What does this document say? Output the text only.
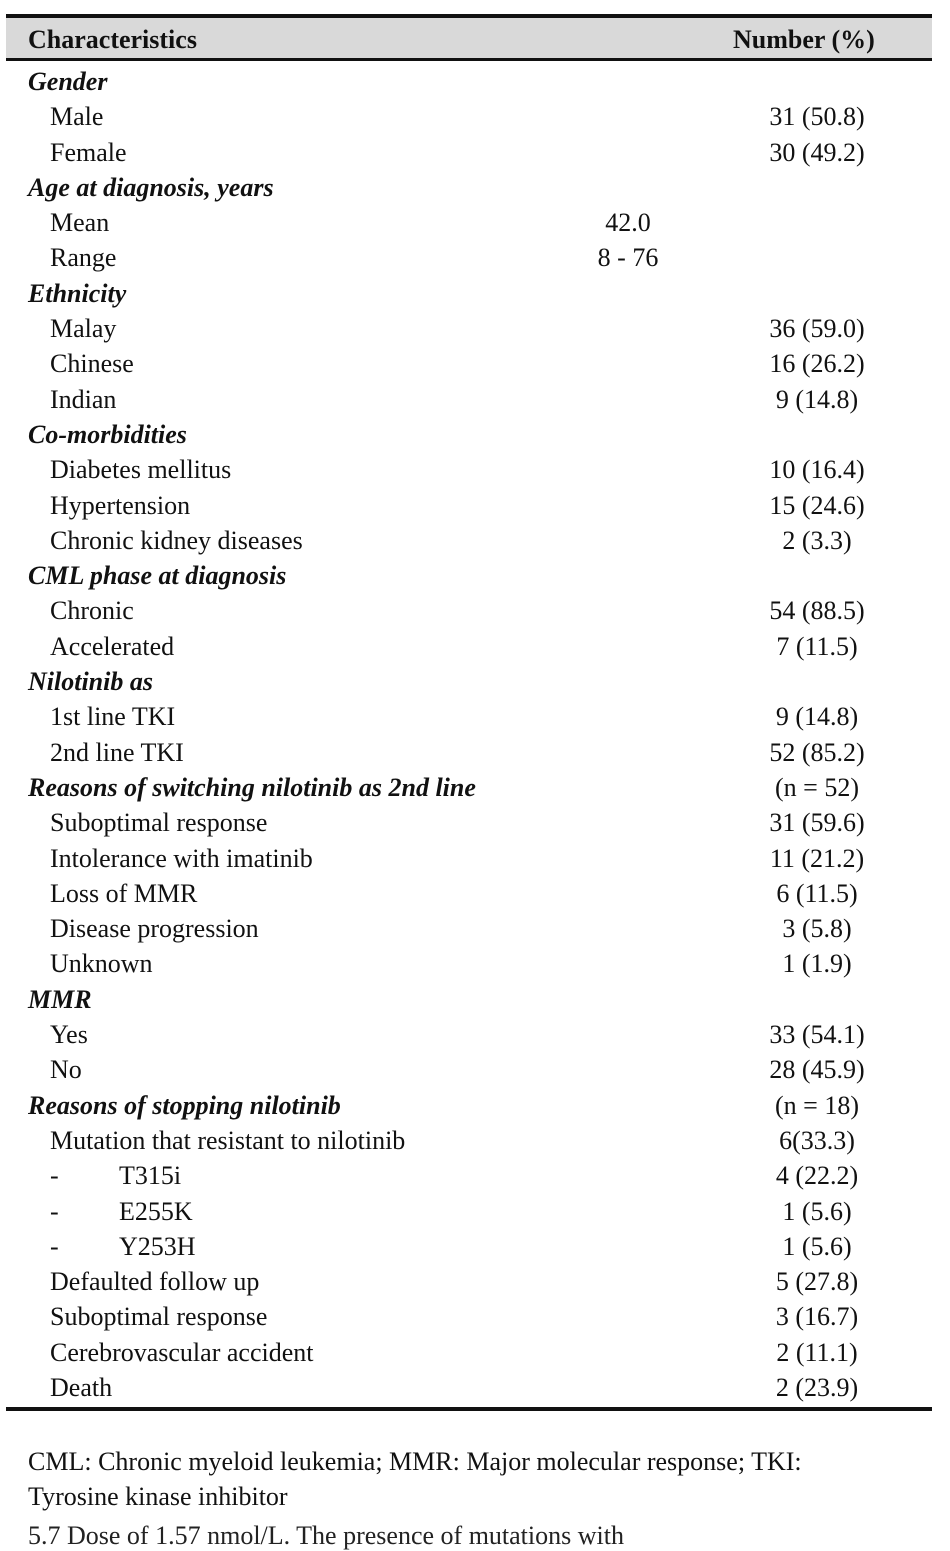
Characteristics	Number (%)
Gender
Male	31 (50.8)
Female	30 (49.2)
Age at diagnosis, years
Mean	42.0
Range	8 - 76
Ethnicity
Malay	36 (59.0)
Chinese	16 (26.2)
Indian	9 (14.8)
Co-morbidities
Diabetes mellitus	10 (16.4)
Hypertension	15 (24.6)
Chronic kidney diseases	2 (3.3)
CML phase at diagnosis
Chronic	54 (88.5)
Accelerated	7 (11.5)
Nilotinib as
1st line TKI	9 (14.8)
2nd line TKI	52 (85.2)
Reasons of switching nilotinib as 2nd line	(n = 52)
Suboptimal response	31 (59.6)
Intolerance with imatinib	11 (21.2)
Loss of MMR	6 (11.5)
Disease progression	3 (5.8)
Unknown	1 (1.9)
MMR
Yes	33 (54.1)
No	28 (45.9)
Reasons of stopping nilotinib	(n = 18)
Mutation that resistant to nilotinib	6(33.3)
- T315i	4 (22.2)
- E255K	1 (5.6)
- Y253H	1 (5.6)
Defaulted follow up	5 (27.8)
Suboptimal response	3 (16.7)
Cerebrovascular accident	2 (11.1)
Death	2 (23.9)
CML: Chronic myeloid leukemia; MMR: Major molecular response; TKI:
Tyrosine kinase inhibitor
5.7 Dose of 1.57 nmol/L. The presence of mutations with
